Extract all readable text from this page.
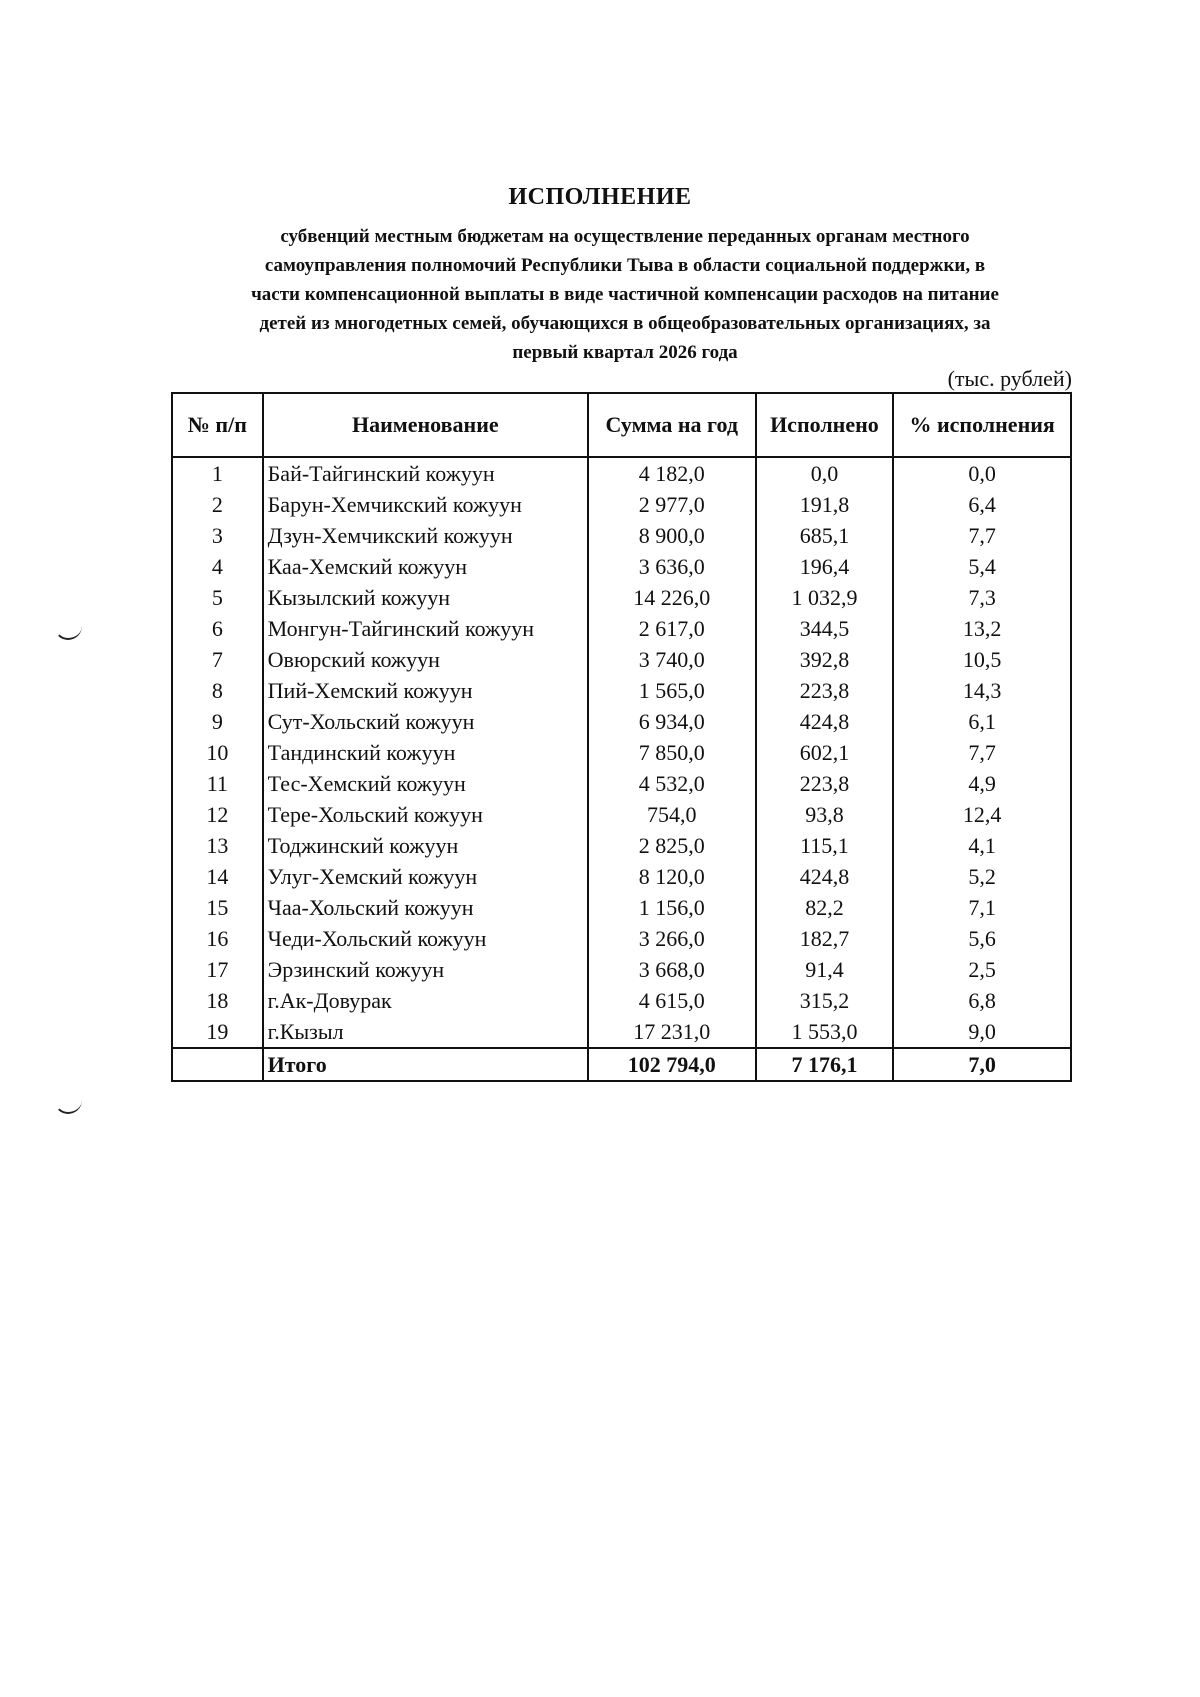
ИСПОЛНЕНИЕ
субвенций местным бюджетам на осуществление переданных органам местного
самоуправления полномочий Республики Тыва в области социальной поддержки, в
части компенсационной выплаты в виде частичной компенсации расходов на питание
детей из многодетных семей, обучающихся в общеобразовательных организациях, за
первый квартал 2026 года
(тыс. рублей)
№ п/п	Наименование	Сумма на год	Исполнено	% исполнения
1	Бай-Тайгинский кожуун	4 182,0	0,0	0,0
2	Барун-Хемчикский кожуун	2 977,0	191,8	6,4
3	Дзун-Хемчикский кожуун	8 900,0	685,1	7,7
4	Каа-Хемский кожуун	3 636,0	196,4	5,4
5	Кызылский кожуун	14 226,0	1 032,9	7,3
6	Монгун-Тайгинский кожуун	2 617,0	344,5	13,2
7	Овюрский кожуун	3 740,0	392,8	10,5
8	Пий-Хемский кожуун	1 565,0	223,8	14,3
9	Сут-Хольский кожуун	6 934,0	424,8	6,1
10	Тандинский кожуун	7 850,0	602,1	7,7
11	Тес-Хемский кожуун	4 532,0	223,8	4,9
12	Тере-Хольский кожуун	754,0	93,8	12,4
13	Тоджинский кожуун	2 825,0	115,1	4,1
14	Улуг-Хемский кожуун	8 120,0	424,8	5,2
15	Чаа-Хольский кожуун	1 156,0	82,2	7,1
16	Чеди-Хольский кожуун	3 266,0	182,7	5,6
17	Эрзинский кожуун	3 668,0	91,4	2,5
18	г.Ак-Довурак	4 615,0	315,2	6,8
19	г.Кызыл	17 231,0	1 553,0	9,0
	Итого	102 794,0	7 176,1	7,0
